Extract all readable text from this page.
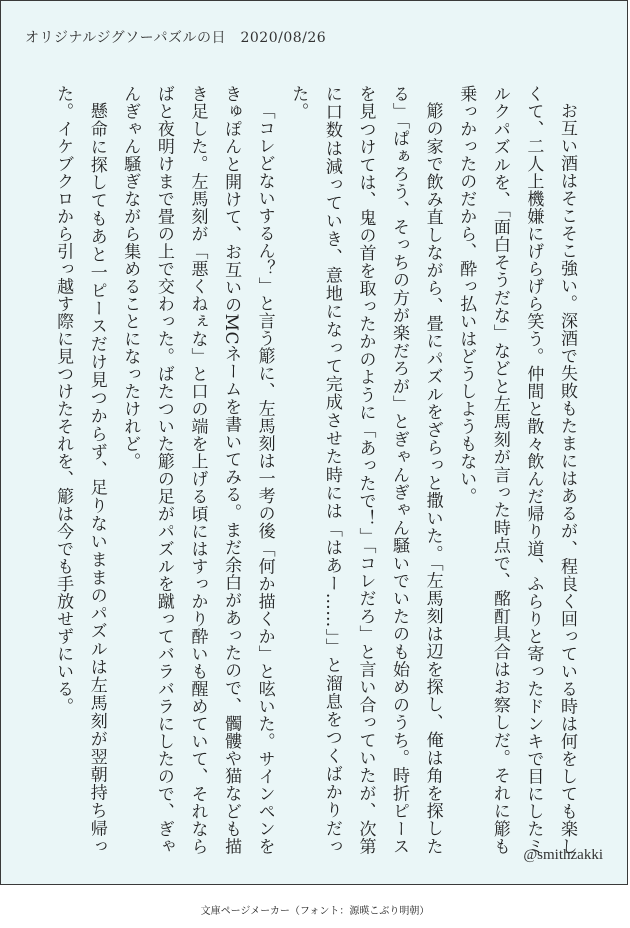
オリジナルジグソーパズルの日　2020/08/26

お互い酒はそこそこ強い。深酒で失敗もたまにはあるが、程良く回っている時は何をしても楽しくて、二人上機嫌にげらげら笑う。仲間と散々飲んだ帰り道、ふらりと寄ったドンキで目にしたミルクパズルを、「面白そうだな」などと左馬刻が言った時点で、酩酊具合はお察しだ。それに簓も乗っかったのだから、酔っ払いはどうしようもない。

簓の家で飲み直しながら、畳にパズルをざらっと撒いた。「左馬刻は辺を探し、俺は角を探したる」「ぱぁろう、そっちの方が楽だろが」とぎゃんぎゃん騒いでいたのも始めのうち。時折ピースを見つけては、鬼の首を取ったかのように「あったで！」「コレだろ」と言い合っていたが、次第に口数は減っていき、意地になって完成させた時には「はあー……」」と溜息をつくばかりだった。

「コレどないするん？」と言う簓に、左馬刻は一考の後「何か描くか」と呟いた。サインペンをきゅぽんと開けて、お互いのMCネームを書いてみる。まだ余白があったので、髑髏や猫なども描き足した。左馬刻が「悪くねぇな」と口の端を上げる頃にはすっかり酔いも醒めていて、それならばと夜明けまで畳の上で交わった。ばたついた簓の足がパズルを蹴ってバラバラにしたので、ぎゃんぎゃん騒ぎながら集めることになったけれど。

懸命に探してもあと一ピースだけ見つからず、足りないままのパズルは左馬刻が翌朝持ち帰った。イケブクロから引っ越す際に見つけたそれを、簓は今でも手放せずにいる。

@smithzakki
文庫ページメーカー（フォント：源暎こぶり明朝）
